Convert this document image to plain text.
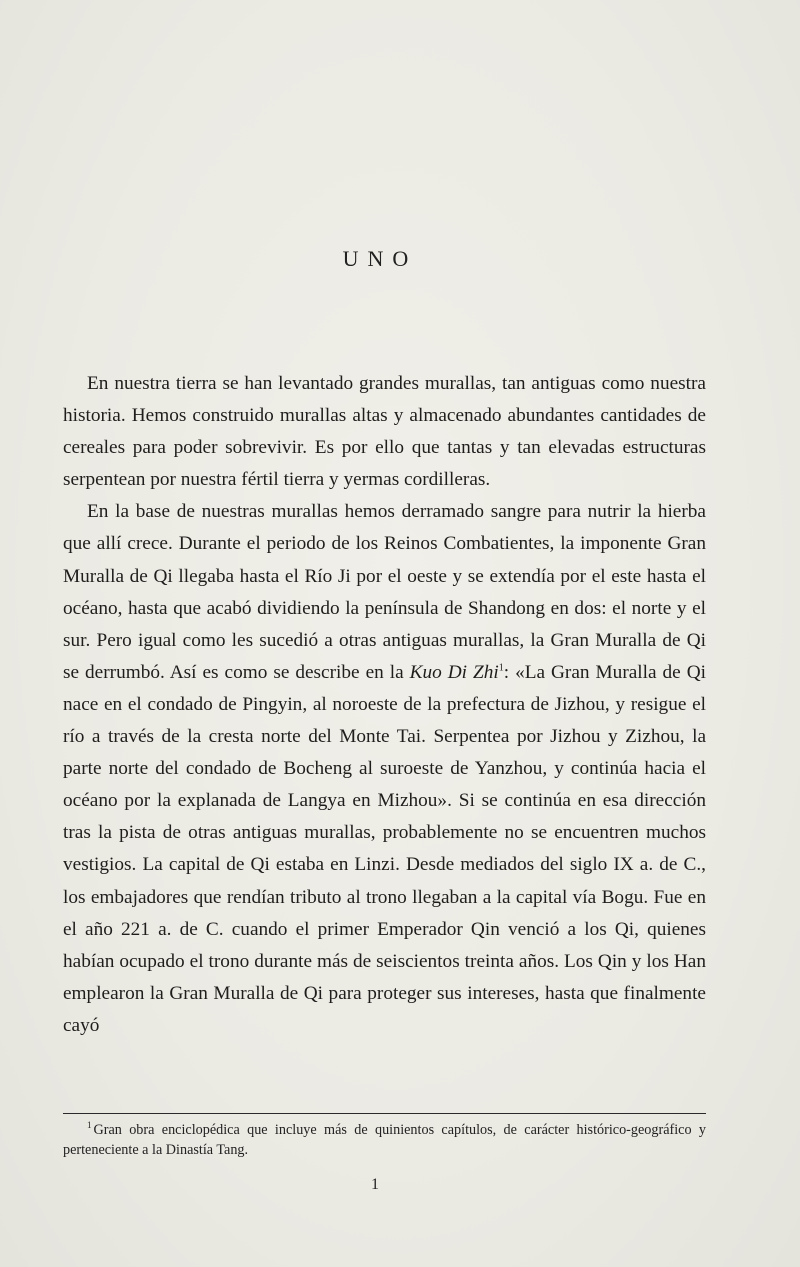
UNO

En nuestra tierra se han levantado grandes murallas, tan antiguas como nuestra historia. Hemos construido murallas altas y almacenado abundantes cantidades de cereales para poder sobrevivir. Es por ello que tantas y tan elevadas estructuras serpentean por nuestra fértil tierra y yermas cordilleras.

En la base de nuestras murallas hemos derramado sangre para nutrir la hierba que allí crece. Durante el periodo de los Reinos Combatientes, la imponente Gran Muralla de Qi llegaba hasta el Río Ji por el oeste y se extendía por el este hasta el océano, hasta que acabó dividiendo la península de Shandong en dos: el norte y el sur. Pero igual como les sucedió a otras antiguas murallas, la Gran Muralla de Qi se derrumbó. Así es como se describe en la Kuo Di Zhi$^1$: «La Gran Muralla de Qi nace en el condado de Pingyin, al noroeste de la prefectura de Jizhou, y resigue el río a través de la cresta norte del Monte Tai. Serpentea por Jizhou y Zizhou, la parte norte del condado de Bocheng al suroeste de Yanzhou, y continúa hacia el océano por la explanada de Langya en Mizhou». Si se continúa en esa dirección tras la pista de otras antiguas murallas, probablemente no se encuentren muchos vestigios. La capital de Qi estaba en Linzi. Desde mediados del siglo IX a. de C., los embajadores que rendían tributo al trono llegaban a la capital vía Bogu. Fue en el año 221 a. de C. cuando el primer Emperador Qin venció a los Qi, quienes habían ocupado el trono durante más de seiscientos treinta años. Los Qin y los Han emplearon la Gran Muralla de Qi para proteger sus intereses, hasta que finalmente cayó

$^1$ Gran obra enciclopédica que incluye más de quinientos capítulos, de carácter histórico-geográfico y perteneciente a la Dinastía Tang.
1
